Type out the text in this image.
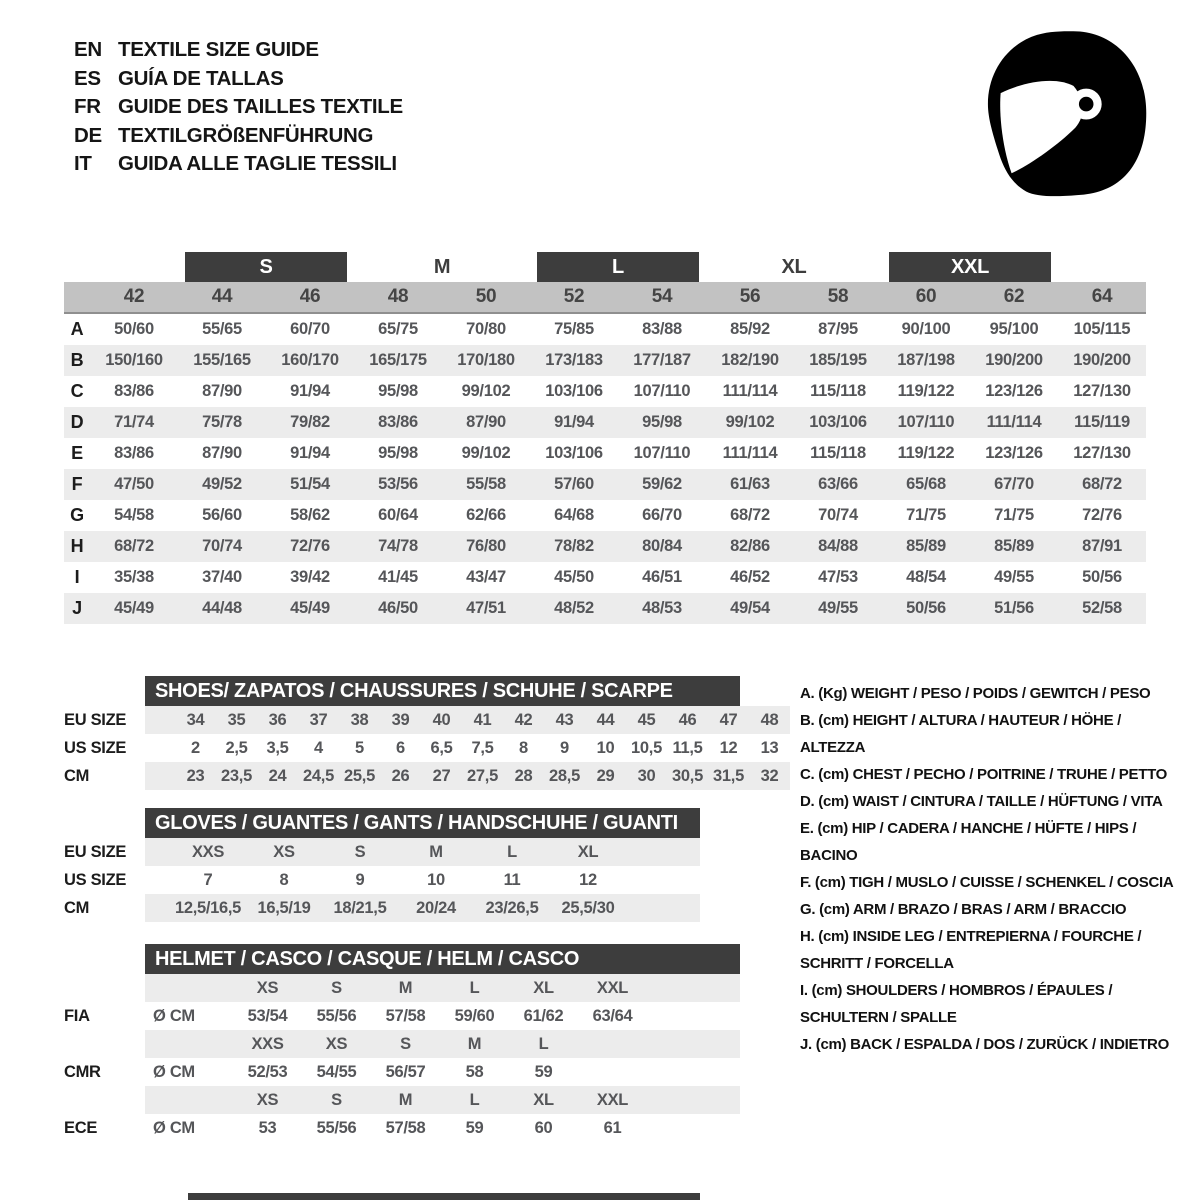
EN TEXTILE SIZE GUIDE
ES GUÍA DE TALLAS
FR GUIDE DES TAILLES TEXTILE
DE TEXTILGRÖßENFÜHRUNG
IT	GUIDA ALLE TAGLIE TESSILI
S	M	L	XL	XXL
42	44	46	48	50	52	54	56	58	60	62	64
A	50/60	55/65	60/70	65/75	70/80	75/85	83/88	85/92	87/95	90/100	95/100	105/115
B	150/160	155/165	160/170	165/175	170/180	173/183	177/187	182/190	185/195	187/198	190/200	190/200
C	83/86	87/90	91/94	95/98	99/102	103/106	107/110	111/114	115/118	119/122	123/126	127/130
D	71/74	75/78	79/82	83/86	87/90	91/94	95/98	99/102	103/106	107/110	111/114	115/119
E	83/86	87/90	91/94	95/98	99/102	103/106	107/110	111/114	115/118	119/122	123/126	127/130
F	47/50	49/52	51/54	53/56	55/58	57/60	59/62	61/63	63/66	65/68	67/70	68/72
G	54/58	56/60	58/62	60/64	62/66	64/68	66/70	68/72	70/74	71/75	71/75	72/76
H	68/72	70/74	72/76	74/78	76/80	78/82	80/84	82/86	84/88	85/89	85/89	87/91
I	35/38	37/40	39/42	41/45	43/47	45/50	46/51	46/52	47/53	48/54	49/55	50/56
J	45/49	44/48	45/49	46/50	47/51	48/52	48/53	49/54	49/55	50/56	51/56	52/58
SHOES/ ZAPATOS / CHAUSSURES / SCHUHE / SCARPE
EU SIZE	34	35	36	37	38	39	40	41	42	43	44	45	46	47	48
US SIZE	2	2,5	3,5	4	5	6	6,5	7,5	8	9	10	10,5 11,5	12	13
CM	23	23,5	24	24,5 25,5	26	27	27,5	28	28,5	29	30	30,5 31,5	32
GLOVES / GUANTES / GANTS / HANDSCHUHE / GUANTI
EU SIZE	XXS	XS	S	M	L	XL
US SIZE	7	8	9	10	11	12
CM	12,5/16,5 16,5/19	18/21,5	20/24	23/26,5	25,5/30
HELMET / CASCO / CASQUE / HELM / CASCO
XS	S	M	L	XL	XXL
FIA	Ø CM	53/54	55/56	57/58	59/60	61/62	63/64
XXS	XS	S	M	L
CMR	Ø CM	52/53	54/55	56/57	58	59
XS	S	M	L	XL	XXL
ECE	Ø CM	53	55/56	57/58	59	60	61
A. (Kg) WEIGHT / PESO / POIDS / GEWITCH / PESO
B. (cm) HEIGHT / ALTURA / HAUTEUR / HÖHE / ALTEZZA
C. (cm) CHEST / PECHO / POITRINE / TRUHE / PETTO
D. (cm) WAIST / CINTURA / TAILLE / HÜFTUNG / VITA
E. (cm) HIP / CADERA / HANCHE / HÜFTE / HIPS / BACINO
F. (cm) TIGH / MUSLO / CUISSE / SCHENKEL / COSCIA
G. (cm) ARM / BRAZO / BRAS / ARM / BRACCIO
H. (cm) INSIDE LEG / ENTREPIERNA / FOURCHE / SCHRITT / FORCELLA
I. (cm) SHOULDERS / HOMBROS / ÉPAULES / SCHULTERN / SPALLE
J. (cm) BACK / ESPALDA / DOS / ZURÜCK / INDIETRO
